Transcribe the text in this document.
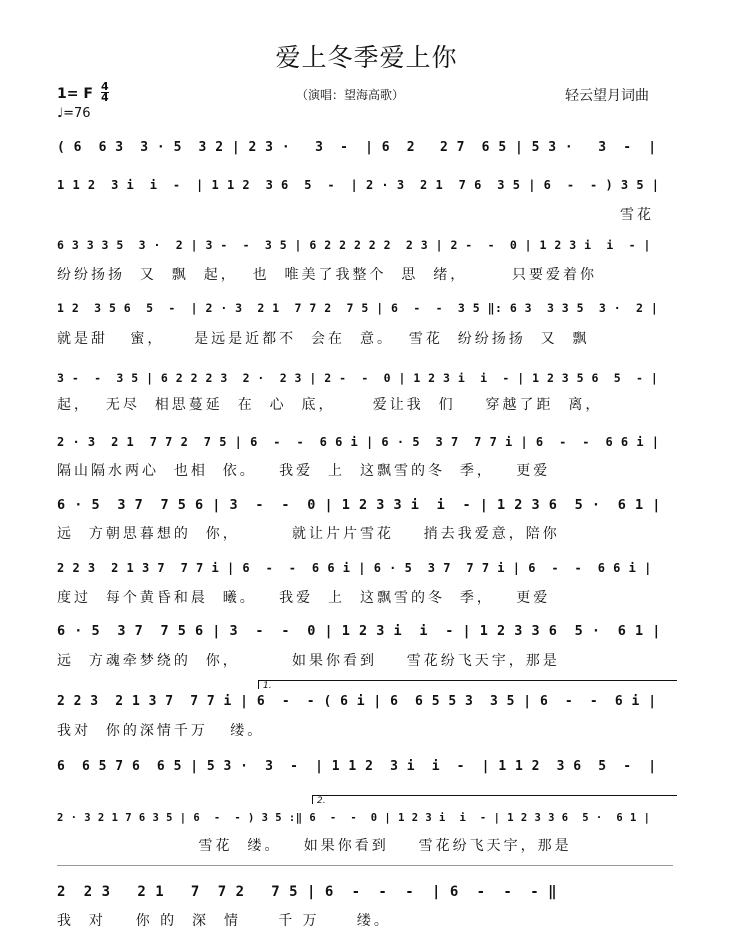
爱上冬季爱上你
1= F 4
4
♩=76
（演唱：望海高歌）	轻云望月词曲

( 6  6 3  3 · 5  3 2 | 2 3 ·   3  -  | 6  2   2 7  6 5 | 5 3 ·   3  -  |

1 1 2  3 i  i  -  | 1 1 2  3 6  5  -  | 2 · 3  2 1  7 6  3 5 | 6  -  - ) 3 5 |

雪花

6 3 3 3 5  3 ·  2 | 3 -  -  3 5 | 6 2 2 2 2 2  2 3 | 2 -  -  0 | 1 2 3 i  i  - |

纷纷扬扬  又  飘  起，  也  唯美了我整个  思  绪，      只要爱着你

1 2  3 5 6  5  -  | 2 · 3  2 1  7 7 2  7 5 | 6  -  -  3 5 ‖: 6 3  3 3 5  3 ·  2 |

就是甜   蜜，    是远是近都不  会在  意。  雪花  纷纷扬扬  又  飘

3 -  -  3 5 | 6 2 2 2 3  2 ·  2 3 | 2 -  -  0 | 1 2 3 i  i  - | 1 2 3 5 6  5  - |

起，  无尽  相思蔓延  在  心  底，     爱让我  们    穿越了距  离，

2 · 3  2 1  7 7 2  7 5 | 6  -  -  6 6 i | 6 · 5  3 7  7 7 i | 6  -  -  6 6 i |

隔山隔水两心  也相  依。   我爱  上  这飘雪的冬  季，   更爱

6 · 5  3 7  7 5 6 | 3  -  -  0 | 1 2 3 3 i  i  - | 1 2 3 6  5 ·  6 1 |

远  方朝思暮想的  你，       就让片片雪花    捎去我爱意，陪你

2 2 3  2 1 3 7  7 7 i | 6  -  -  6 6 i | 6 · 5  3 7  7 7 i | 6  -  -  6 6 i |

度过  每个黄昏和晨  曦。   我爱  上  这飘雪的冬  季，   更爱

6 · 5  3 7  7 5 6 | 3  -  -  0 | 1 2 3 i  i  - | 1 2 3 3 6  5 ·  6 1 |

远  方魂牵梦绕的  你，       如果你看到    雪花纷飞天宇，那是
1.

2 2 3  2 1 3 7  7 7 i | 6  -  - ( 6 i | 6  6 5 5 3  3 5 | 6  -  -  6 i |

我对  你的深情千万   缕。

6  6 5 7 6  6 5 | 5 3 ·  3  -  | 1 1 2  3 i  i  -  | 1 1 2  3 6  5  -  |

2.

2 · 3 2 1 7 6 3 5 | 6  -  - ) 3 5 :‖ 6  -  -  0 | 1 2 3 i  i  - | 1 2 3 3 6  5 ·  6 1 |

雪花  缕。   如果你看到    雪花纷飞天宇，那是

2  2 3   2 1   7  7 2   7 5 | 6  -  -  -  | 6  -  -  - ‖

我  对    你 的  深  情     千 万     缕。
